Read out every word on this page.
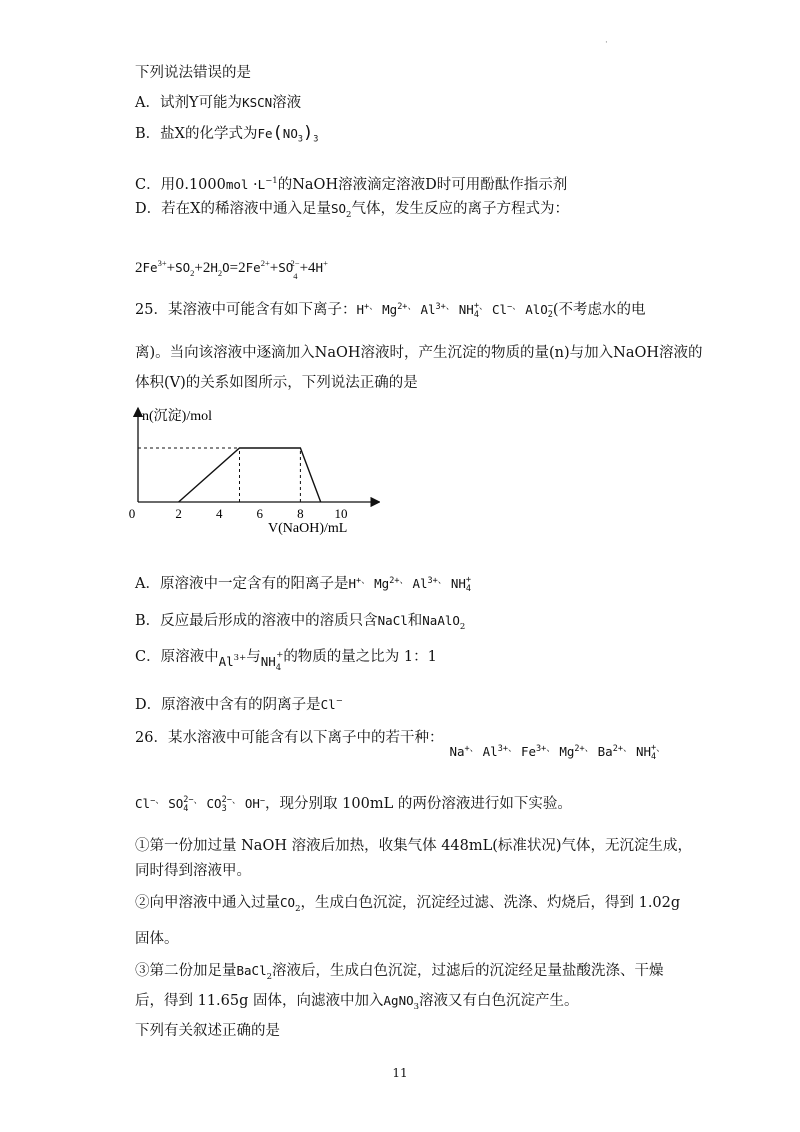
·
下列说法错误的是
A．试剂Y可能为KSCN溶液
B．盐X的化学式为$Fe(NO_3)_3$
C．用$0.1000mol \cdot L^{-1}$的NaOH溶液滴定溶液D时可用酚酞作指示剂
D．若在X的稀溶液中通入足量$SO_2$气体，发生反应的离子方程式为：
$2Fe^{3+}+SO_2+2H_2O=2Fe^{2+}+SO_4^{2-}+4H^+$
25．某溶液中可能含有如下离子：H+、 $Mg^{2+、}$ $Al^{3+、}$ NH +
4
、 Cl−、 AlO −
2 (不考虑水的电
离)。当向该溶液中逐滴加入NaOH溶液时，产生沉淀的物质的量(n)与加入NaOH溶液的
体积(V)的关系如图所示，下列说法正确的是
0	2	4	6	8 10
n(沉淀)/mol
V(NaOH)/mL
A．原溶液中一定含有的阳离子是H+、 $Mg^{2+、}$ $Al^{3+、}$ NH +
4
B．反应最后形成的溶液中的溶质只含NaCl和NaAlO$_2$
C．原溶液中$Al^{3+}$与$NH_4^+$的物质的量之比为 1：1
D．原溶液中含有的阴离子是Cl−
26．某水溶液中可能含有以下离子中的若干种：Na+、 $Al^{3+、}$ $Fe^{3+、}$ $Mg^{2+、}$ $Ba^{2+、}$ NH +
4
、
Cl−、 SO 2−
4
、 CO 2−
3
、 OH−，现分别取 100mL 的两份溶液进行如下实验。
①第一份加过量 NaOH 溶液后加热，收集气体 448mL(标准状况)气体，无沉淀生成，
同时得到溶液甲。
②向甲溶液中通入过量$CO_2$，生成白色沉淀，沉淀经过滤、洗涤、灼烧后，得到 1.02g
固体。
③第二份加足量BaCl$_2$溶液后，生成白色沉淀，过滤后的沉淀经足量盐酸洗涤、干燥
后，得到 11.65g 固体，向滤液中加入AgNO$_3$溶液又有白色沉淀产生。
下列有关叙述正确的是
11
